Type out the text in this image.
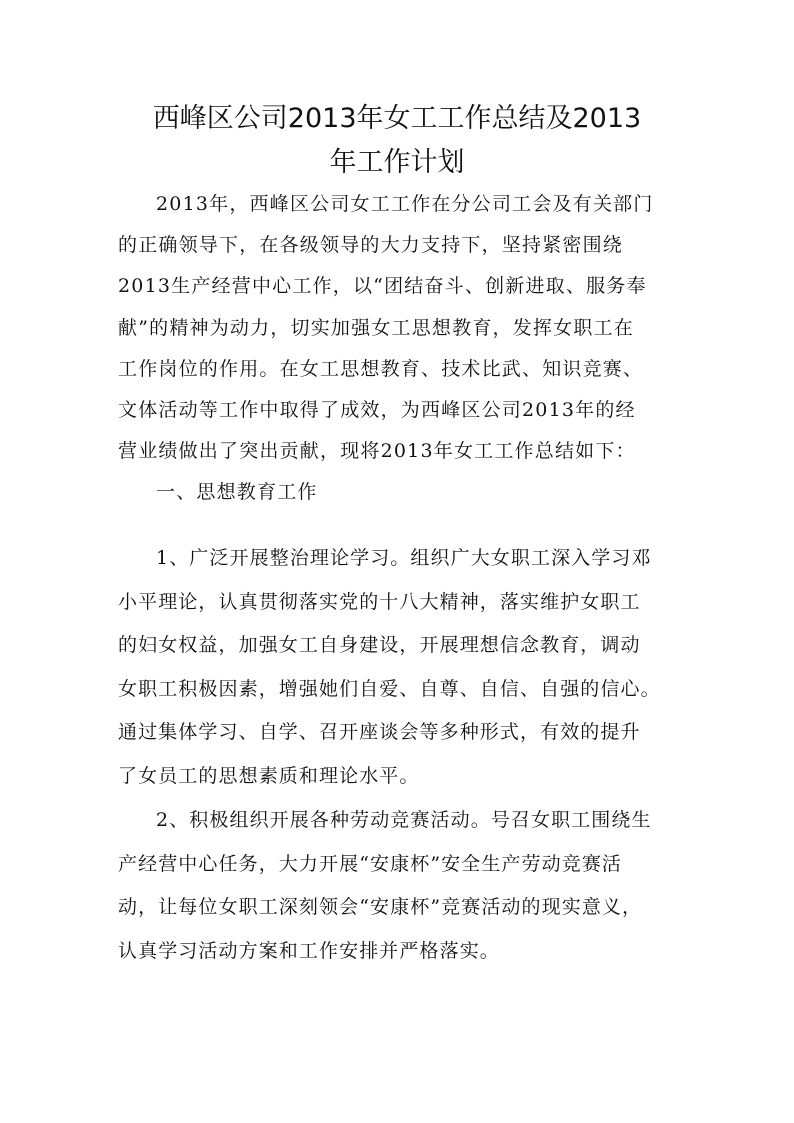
西峰区公司2013年女工工作总结及2013
年工作计划
2013年，西峰区公司女工工作在分公司工会及有关部门
的正确领导下，在各级领导的大力支持下，坚持紧密围绕
2013生产经营中心工作，以“团结奋斗、创新进取、服务奉
献”的精神为动力，切实加强女工思想教育，发挥女职工在
工作岗位的作用。在女工思想教育、技术比武、知识竞赛、
文体活动等工作中取得了成效，为西峰区公司2013年的经
营业绩做出了突出贡献，现将2013年女工工作总结如下：
一、思想教育工作
1、广泛开展整治理论学习。组织广大女职工深入学习邓
小平理论，认真贯彻落实党的十八大精神，落实维护女职工
的妇女权益，加强女工自身建设，开展理想信念教育，调动
女职工积极因素，增强她们自爱、自尊、自信、自强的信心。
通过集体学习、自学、召开座谈会等多种形式，有效的提升
了女员工的思想素质和理论水平。
2、积极组织开展各种劳动竞赛活动。号召女职工围绕生
产经营中心任务，大力开展“安康杯”安全生产劳动竞赛活
动，让每位女职工深刻领会“安康杯”竞赛活动的现实意义，
认真学习活动方案和工作安排并严格落实。
